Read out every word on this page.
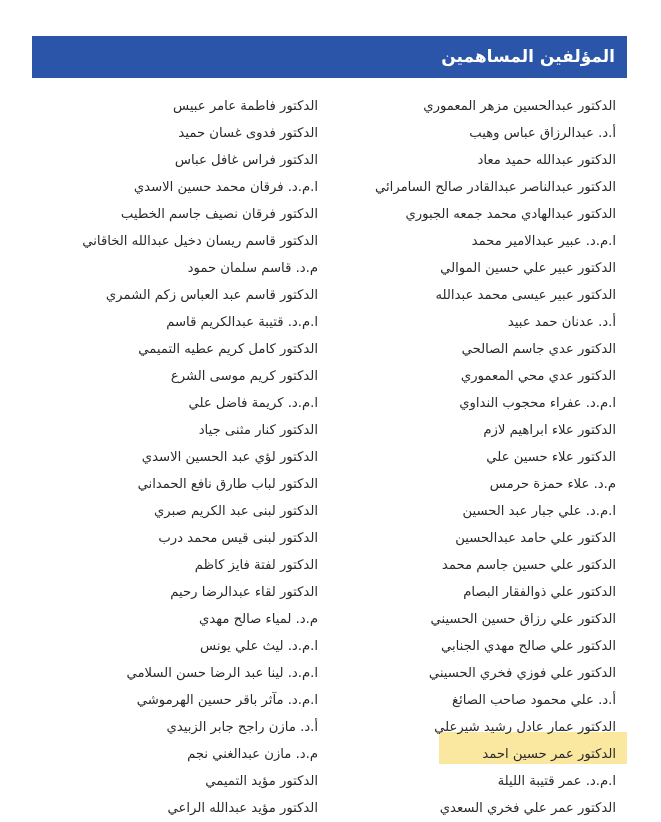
المؤلفين المساهمين
الدكتور عبدالحسين مزهر المعموري
أ.د. عبدالرزاق عباس وهيب
الدكتور عبدالله حميد معاد
الدكتور عبدالناصر عبدالقادر صالح السامرائي
الدكتور عبدالهادي محمد جمعه الجبوري
ا.م.د. عبير عبدالامير محمد
الدكتور عبير علي حسين الموالي
الدكتور عبير عيسى محمد عبدالله
أ.د. عدنان حمد عبيد
الدكتور عدي جاسم الصالحي
الدكتور عدي محي المعموري
ا.م.د. عفراء محجوب النداوي
الدكتور علاء ابراهيم لازم
الدكتور علاء حسين علي
م.د. علاء حمزة حرمس
ا.م.د. علي جبار عبد الحسين
الدكتور علي حامد عبدالحسين
الدكتور علي حسين جاسم محمد
الدكتور علي ذوالفقار البصام
الدكتور علي رزاق حسين الحسيني
الدكتور علي صالح مهدي الجنابي
الدكتور علي فوزي فخري الحسيني
أ.د. علي محمود صاحب الصائغ
الدكتور عمار عادل رشيد شيرعلي
الدكتور عمر حسين احمد
ا.م.د. عمر قتيبة الليلة
الدكتور عمر علي فخري السعدي
الدكتور فاطمة عامر عبيس
الدكتور فدوى غسان حميد
الدكتور فراس غافل عباس
ا.م.د. فرقان محمد حسين الاسدي
الدكتور فرقان نصيف جاسم الخطيب
الدكتور قاسم ريسان دخيل عبدالله الخاقاني
م.د. قاسم سلمان حمود
الدكتور قاسم عبد العباس زكم الشمري
ا.م.د. قتيبة عبدالكريم قاسم
الدكتور كامل كريم عطيه التميمي
الدكتور كريم موسى الشرع
ا.م.د. كريمة فاضل علي
الدكتور كنار مثنى جياد
الدكتور لؤي عبد الحسين الاسدي
الدكتور لباب طارق نافع الحمداني
الدكتور لبنى عبد الكريم صبري
الدكتور لبنى قيس محمد درب
الدكتور لفتة فايز كاظم
الدكتور لقاء عبدالرضا رحيم
م.د. لمياء صالح مهدي
ا.م.د. ليث علي يونس
ا.م.د. لينا عبد الرضا حسن السلامي
ا.م.د. مآثر باقر حسين الهرموشي
أ.د. مازن راجح جابر الزبيدي
م.د. مازن عبدالغني نجم
الدكتور مؤيد التميمي
الدكتور مؤيد عبدالله الراعي
